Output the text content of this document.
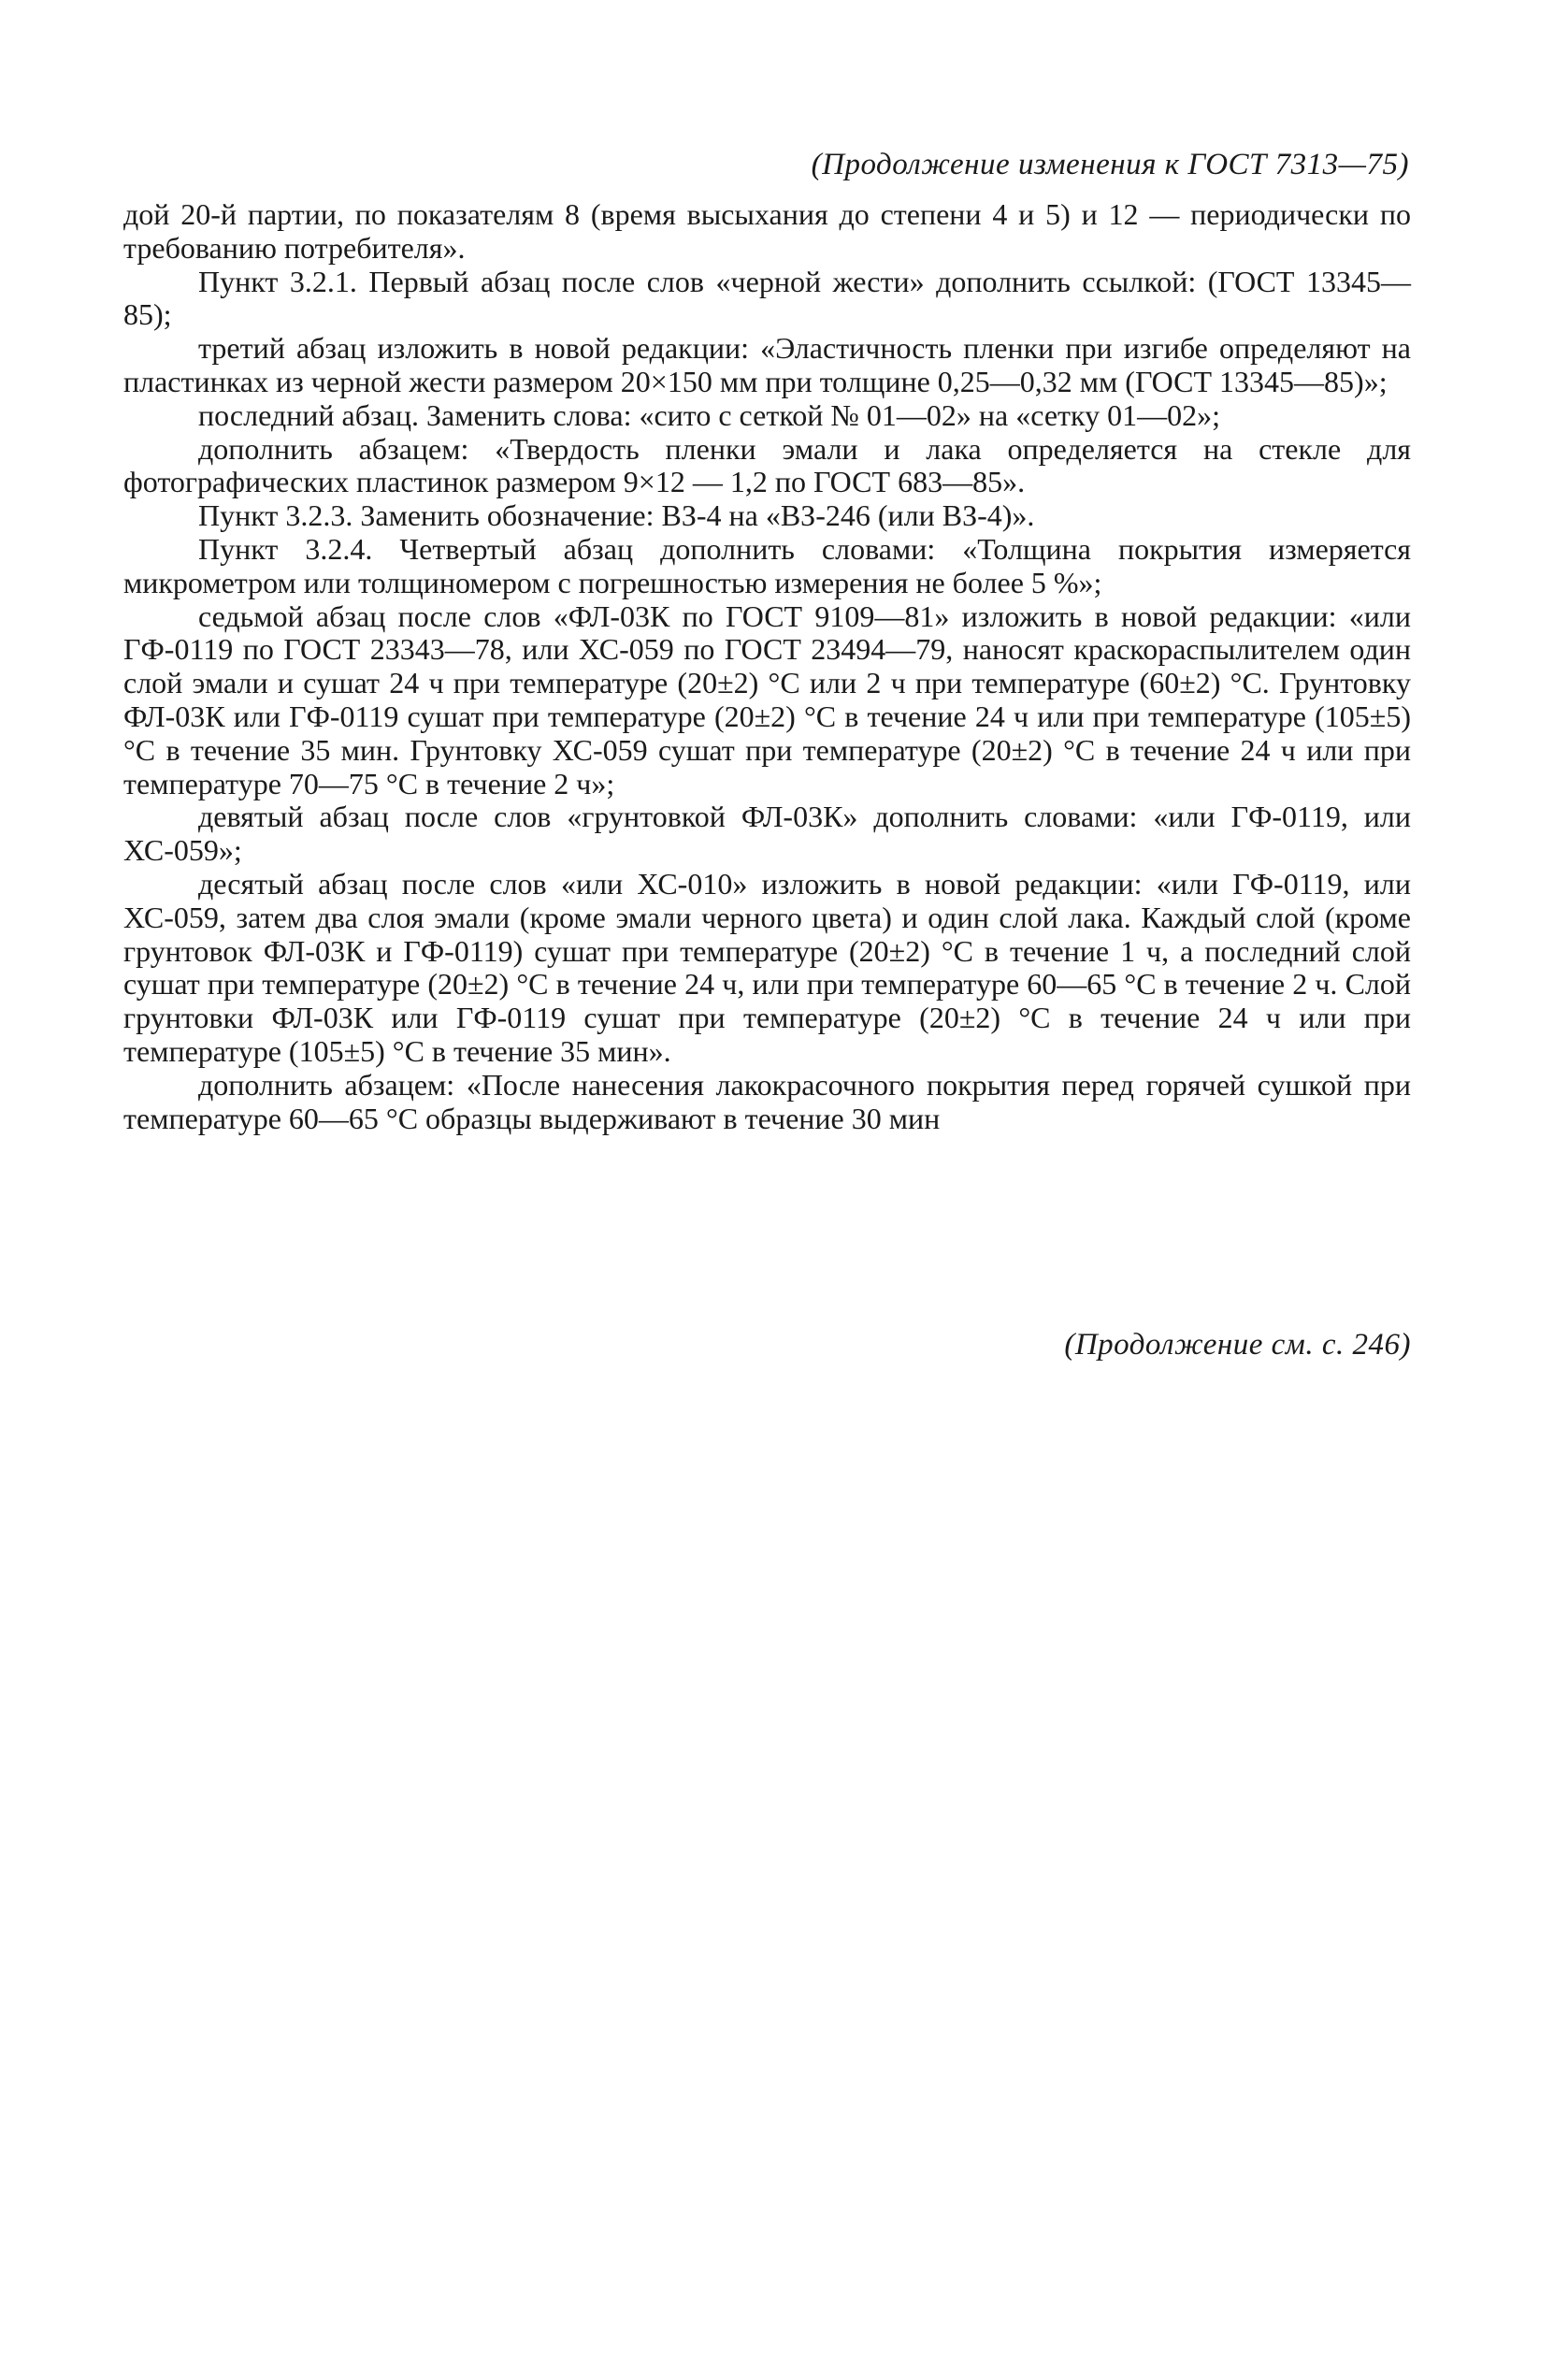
(Продолжение изменения к ГОСТ 7313—75)

дой 20-й партии, по показателям 8 (время высыхания до степени 4 и 5) и 12 — периодически по требованию потребителя».

Пункт 3.2.1. Первый абзац после слов «черной жести» дополнить ссылкой: (ГОСТ 13345—85);

третий абзац изложить в новой редакции: «Эластичность пленки при изгибе определяют на пластинках из черной жести размером 20×150 мм при толщине 0,25—0,32 мм (ГОСТ 13345—85)»;

последний абзац. Заменить слова: «сито с сеткой № 01—02» на «сетку 01—02»;

дополнить абзацем: «Твердость пленки эмали и лака определяется на стекле для фотографических пластинок размером 9×12 — 1,2 по ГОСТ 683—85».

Пункт 3.2.3. Заменить обозначение: ВЗ-4 на «ВЗ-246 (или ВЗ-4)».

Пункт 3.2.4. Четвертый абзац дополнить словами: «Толщина покрытия измеряется микрометром или толщиномером с погрешностью измерения не более 5 %»;

седьмой абзац после слов «ФЛ-03К по ГОСТ 9109—81» изложить в новой редакции: «или ГФ-0119 по ГОСТ 23343—78, или ХС-059 по ГОСТ 23494—79, наносят краскораспылителем один слой эмали и сушат 24 ч при температуре (20±2) °С или 2 ч при температуре (60±2) °С. Грунтовку ФЛ-03К или ГФ-0119 сушат при температуре (20±2) °С в течение 24 ч или при температуре (105±5) °С в течение 35 мин. Грунтовку ХС-059 сушат при температуре (20±2) °С в течение 24 ч или при температуре 70—75 °С в течение 2 ч»;

девятый абзац после слов «грунтовкой ФЛ-03К» дополнить словами: «или ГФ-0119, или ХС-059»;

десятый абзац после слов «или ХС-010» изложить в новой редакции: «или ГФ-0119, или ХС-059, затем два слоя эмали (кроме эмали черного цвета) и один слой лака. Каждый слой (кроме грунтовок ФЛ-03К и ГФ-0119) сушат при температуре (20±2) °С в течение 1 ч, а последний слой сушат при температуре (20±2) °С в течение 24 ч, или при температуре 60—65 °С в течение 2 ч. Слой грунтовки ФЛ-03К или ГФ-0119 сушат при температуре (20±2) °С в течение 24 ч или при температуре (105±5) °С в течение 35 мин».

дополнить абзацем: «После нанесения лакокрасочного покрытия перед горячей сушкой при температуре 60—65 °С образцы выдерживают в течение 30 мин

(Продолжение см. с. 246)
